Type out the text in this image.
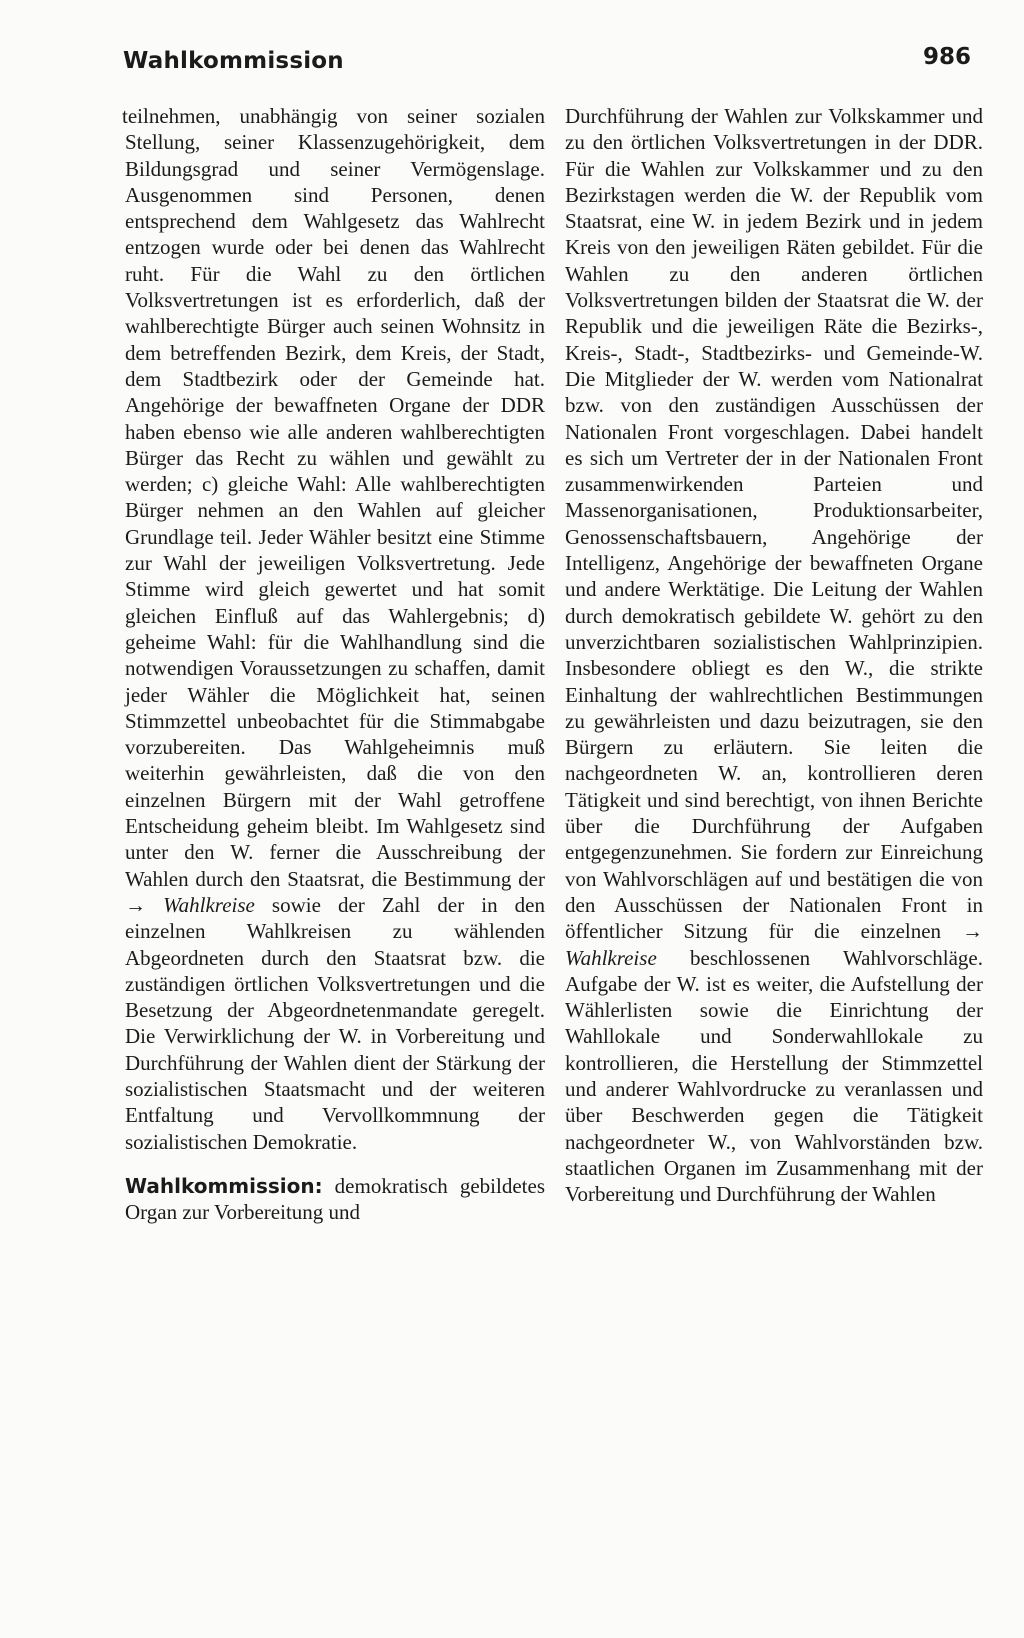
Wahlkommission	986

teilnehmen, unabhängig von seiner sozialen Stellung, seiner Klassenzugehörigkeit, dem Bildungsgrad und seiner Vermögenslage. Ausgenommen sind Personen, denen entsprechend dem Wahlgesetz das Wahlrecht entzogen wurde oder bei denen das Wahlrecht ruht. Für die Wahl zu den örtlichen Volksvertretungen ist es erforderlich, daß der wahlberechtigte Bürger auch seinen Wohnsitz in dem betreffenden Bezirk, dem Kreis, der Stadt, dem Stadtbezirk oder der Gemeinde hat. Angehörige der bewaffneten Organe der DDR haben ebenso wie alle anderen wahlberechtigten Bürger das Recht zu wählen und gewählt zu werden; c) gleiche Wahl: Alle wahlberechtigten Bürger nehmen an den Wahlen auf gleicher Grundlage teil. Jeder Wähler besitzt eine Stimme zur Wahl der jeweiligen Volksvertretung. Jede Stimme wird gleich gewertet und hat somit gleichen Einfluß auf das Wahlergebnis; d) geheime Wahl: für die Wahlhandlung sind die notwendigen Voraussetzungen zu schaffen, damit jeder Wähler die Möglichkeit hat, seinen Stimmzettel unbeobachtet für die Stimmabgabe vorzubereiten. Das Wahlgeheimnis muß weiterhin gewährleisten, daß die von den einzelnen Bürgern mit der Wahl getroffene Entscheidung geheim bleibt. Im Wahlgesetz sind unter den W. ferner die Ausschreibung der Wahlen durch den Staatsrat, die Bestimmung der → Wahlkreise sowie der Zahl der in den einzelnen Wahlkreisen zu wählenden Abgeordneten durch den Staatsrat bzw. die zuständigen örtlichen Volksvertretungen und die Besetzung der Abgeordnetenmandate geregelt. Die Verwirklichung der W. in Vorbereitung und Durchführung der Wahlen dient der Stärkung der sozialistischen Staatsmacht und der weiteren Entfaltung und Vervollkommnung der sozialistischen Demokratie.

Wahlkommission: demokratisch gebildetes Organ zur Vorbereitung und

Durchführung der Wahlen zur Volkskammer und zu den örtlichen Volksvertretungen in der DDR. Für die Wahlen zur Volkskammer und zu den Bezirkstagen werden die W. der Republik vom Staatsrat, eine W. in jedem Bezirk und in jedem Kreis von den jeweiligen Räten gebildet. Für die Wahlen zu den anderen örtlichen Volksvertretungen bilden der Staatsrat die W. der Republik und die jeweiligen Räte die Bezirks-, Kreis-, Stadt-, Stadtbezirks- und Gemeinde-W. Die Mitglieder der W. werden vom Nationalrat bzw. von den zuständigen Ausschüssen der Nationalen Front vorgeschlagen. Dabei handelt es sich um Vertreter der in der Nationalen Front zusammenwirkenden Parteien und Massenorganisationen, Produktionsarbeiter, Genossenschaftsbauern, Angehörige der Intelligenz, Angehörige der bewaffneten Organe und andere Werktätige. Die Leitung der Wahlen durch demokratisch gebildete W. gehört zu den unverzichtbaren sozialistischen Wahlprinzipien. Insbesondere obliegt es den W., die strikte Einhaltung der wahlrechtlichen Bestimmungen zu gewährleisten und dazu beizutragen, sie den Bürgern zu erläutern. Sie leiten die nachgeordneten W. an, kontrollieren deren Tätigkeit und sind berechtigt, von ihnen Berichte über die Durchführung der Aufgaben entgegenzunehmen. Sie fordern zur Einreichung von Wahlvorschlägen auf und bestätigen die von den Ausschüssen der Nationalen Front in öffentlicher Sitzung für die einzelnen → Wahlkreise beschlossenen Wahlvorschläge. Aufgabe der W. ist es weiter, die Aufstellung der Wählerlisten sowie die Einrichtung der Wahllokale und Sonderwahllokale zu kontrollieren, die Herstellung der Stimmzettel und anderer Wahlvordrucke zu veranlassen und über Beschwerden gegen die Tätigkeit nachgeordneter W., von Wahlvorständen bzw. staatlichen Organen im Zusammenhang mit der Vorbereitung und Durchführung der Wahlen
